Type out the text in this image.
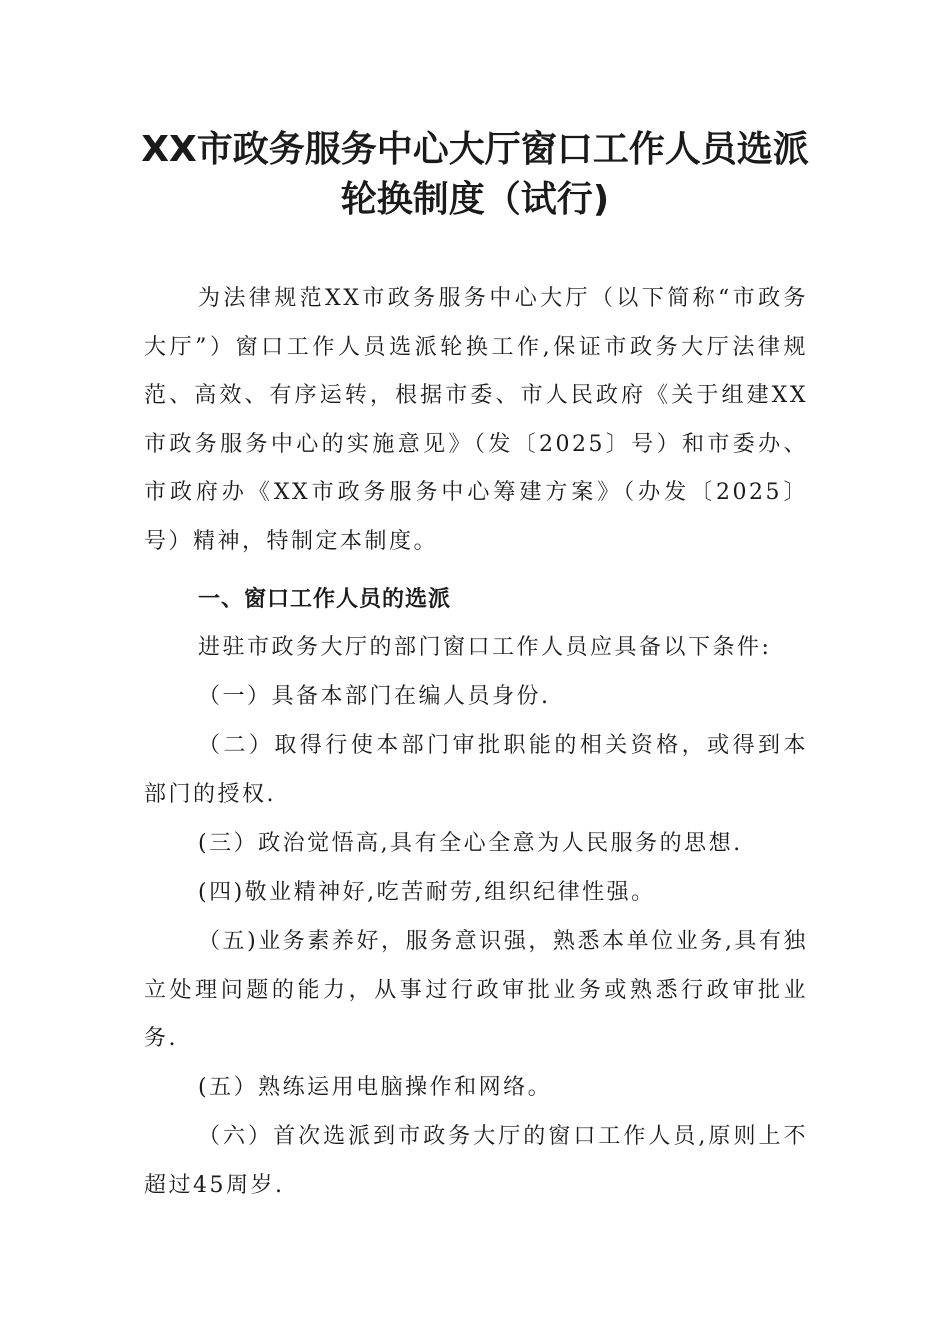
XX市政务服务中心大厅窗口工作人员选派
轮换制度（试行)

为法律规范XX市政务服务中心大厅（以下简称“市政务大厅”）窗口工作人员选派轮换工作,保证市政务大厅法律规范、高效、有序运转，根据市委、市人民政府《关于组建XX市政务服务中心的实施意见》（发〔2025〕号）和市委办、市政府办《XX市政务服务中心筹建方案》（办发〔2025〕号）精神，特制定本制度。

一、窗口工作人员的选派

进驻市政务大厅的部门窗口工作人员应具备以下条件:

（一）具备本部门在编人员身份.

（二）取得行使本部门审批职能的相关资格，或得到本部门的授权.

(三）政治觉悟高,具有全心全意为人民服务的思想.

(四)敬业精神好,吃苦耐劳,组织纪律性强。

（五)业务素养好，服务意识强，熟悉本单位业务,具有独立处理问题的能力，从事过行政审批业务或熟悉行政审批业务.

(五）熟练运用电脑操作和网络。

（六）首次选派到市政务大厅的窗口工作人员,原则上不超过45周岁.
